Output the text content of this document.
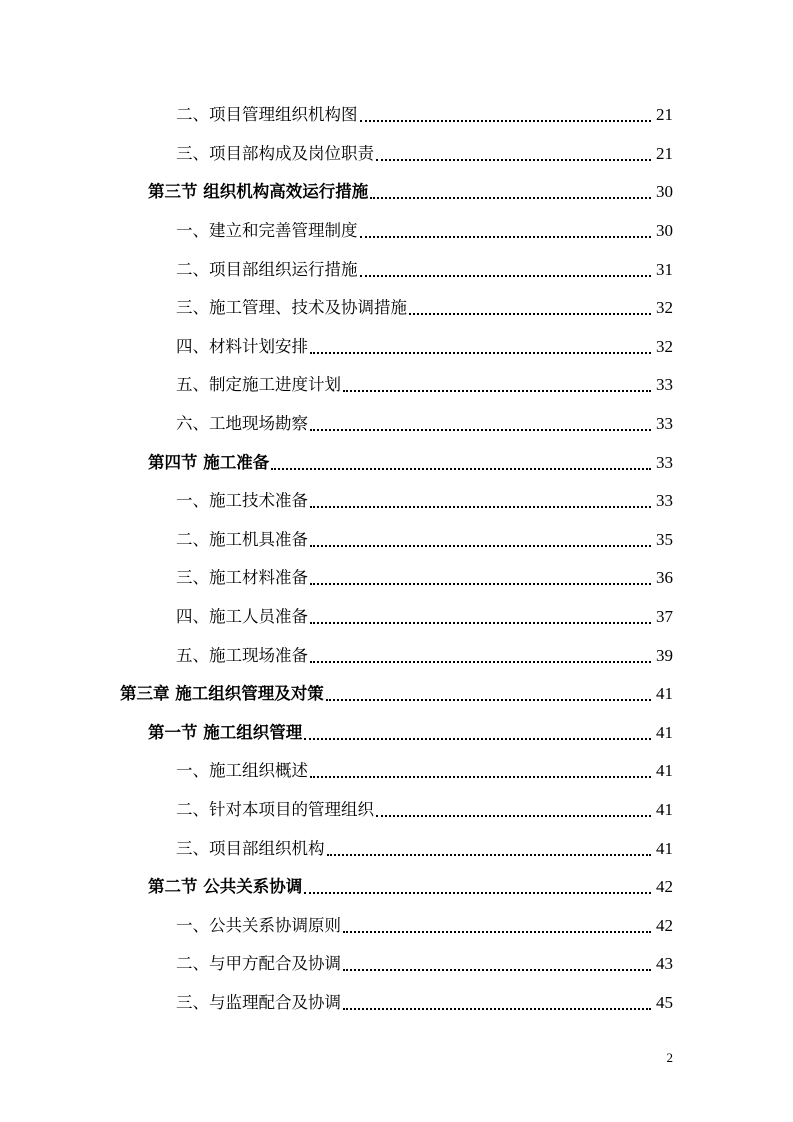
二、项目管理组织机构图	21
三、项目部构成及岗位职责	21
第三节 组织机构高效运行措施	30
一、建立和完善管理制度	30
二、项目部组织运行措施	31
三、施工管理、技术及协调措施	32
四、材料计划安排	32
五、制定施工进度计划	33
六、工地现场勘察	33
第四节 施工准备	33
一、施工技术准备	33
二、施工机具准备	35
三、施工材料准备	36
四、施工人员准备	37
五、施工现场准备	39
第三章 施工组织管理及对策	41
第一节 施工组织管理	41
一、施工组织概述	41
二、针对本项目的管理组织	41
三、项目部组织机构	41
第二节 公共关系协调	42
一、公共关系协调原则	42
二、与甲方配合及协调	43
三、与监理配合及协调	45
2
